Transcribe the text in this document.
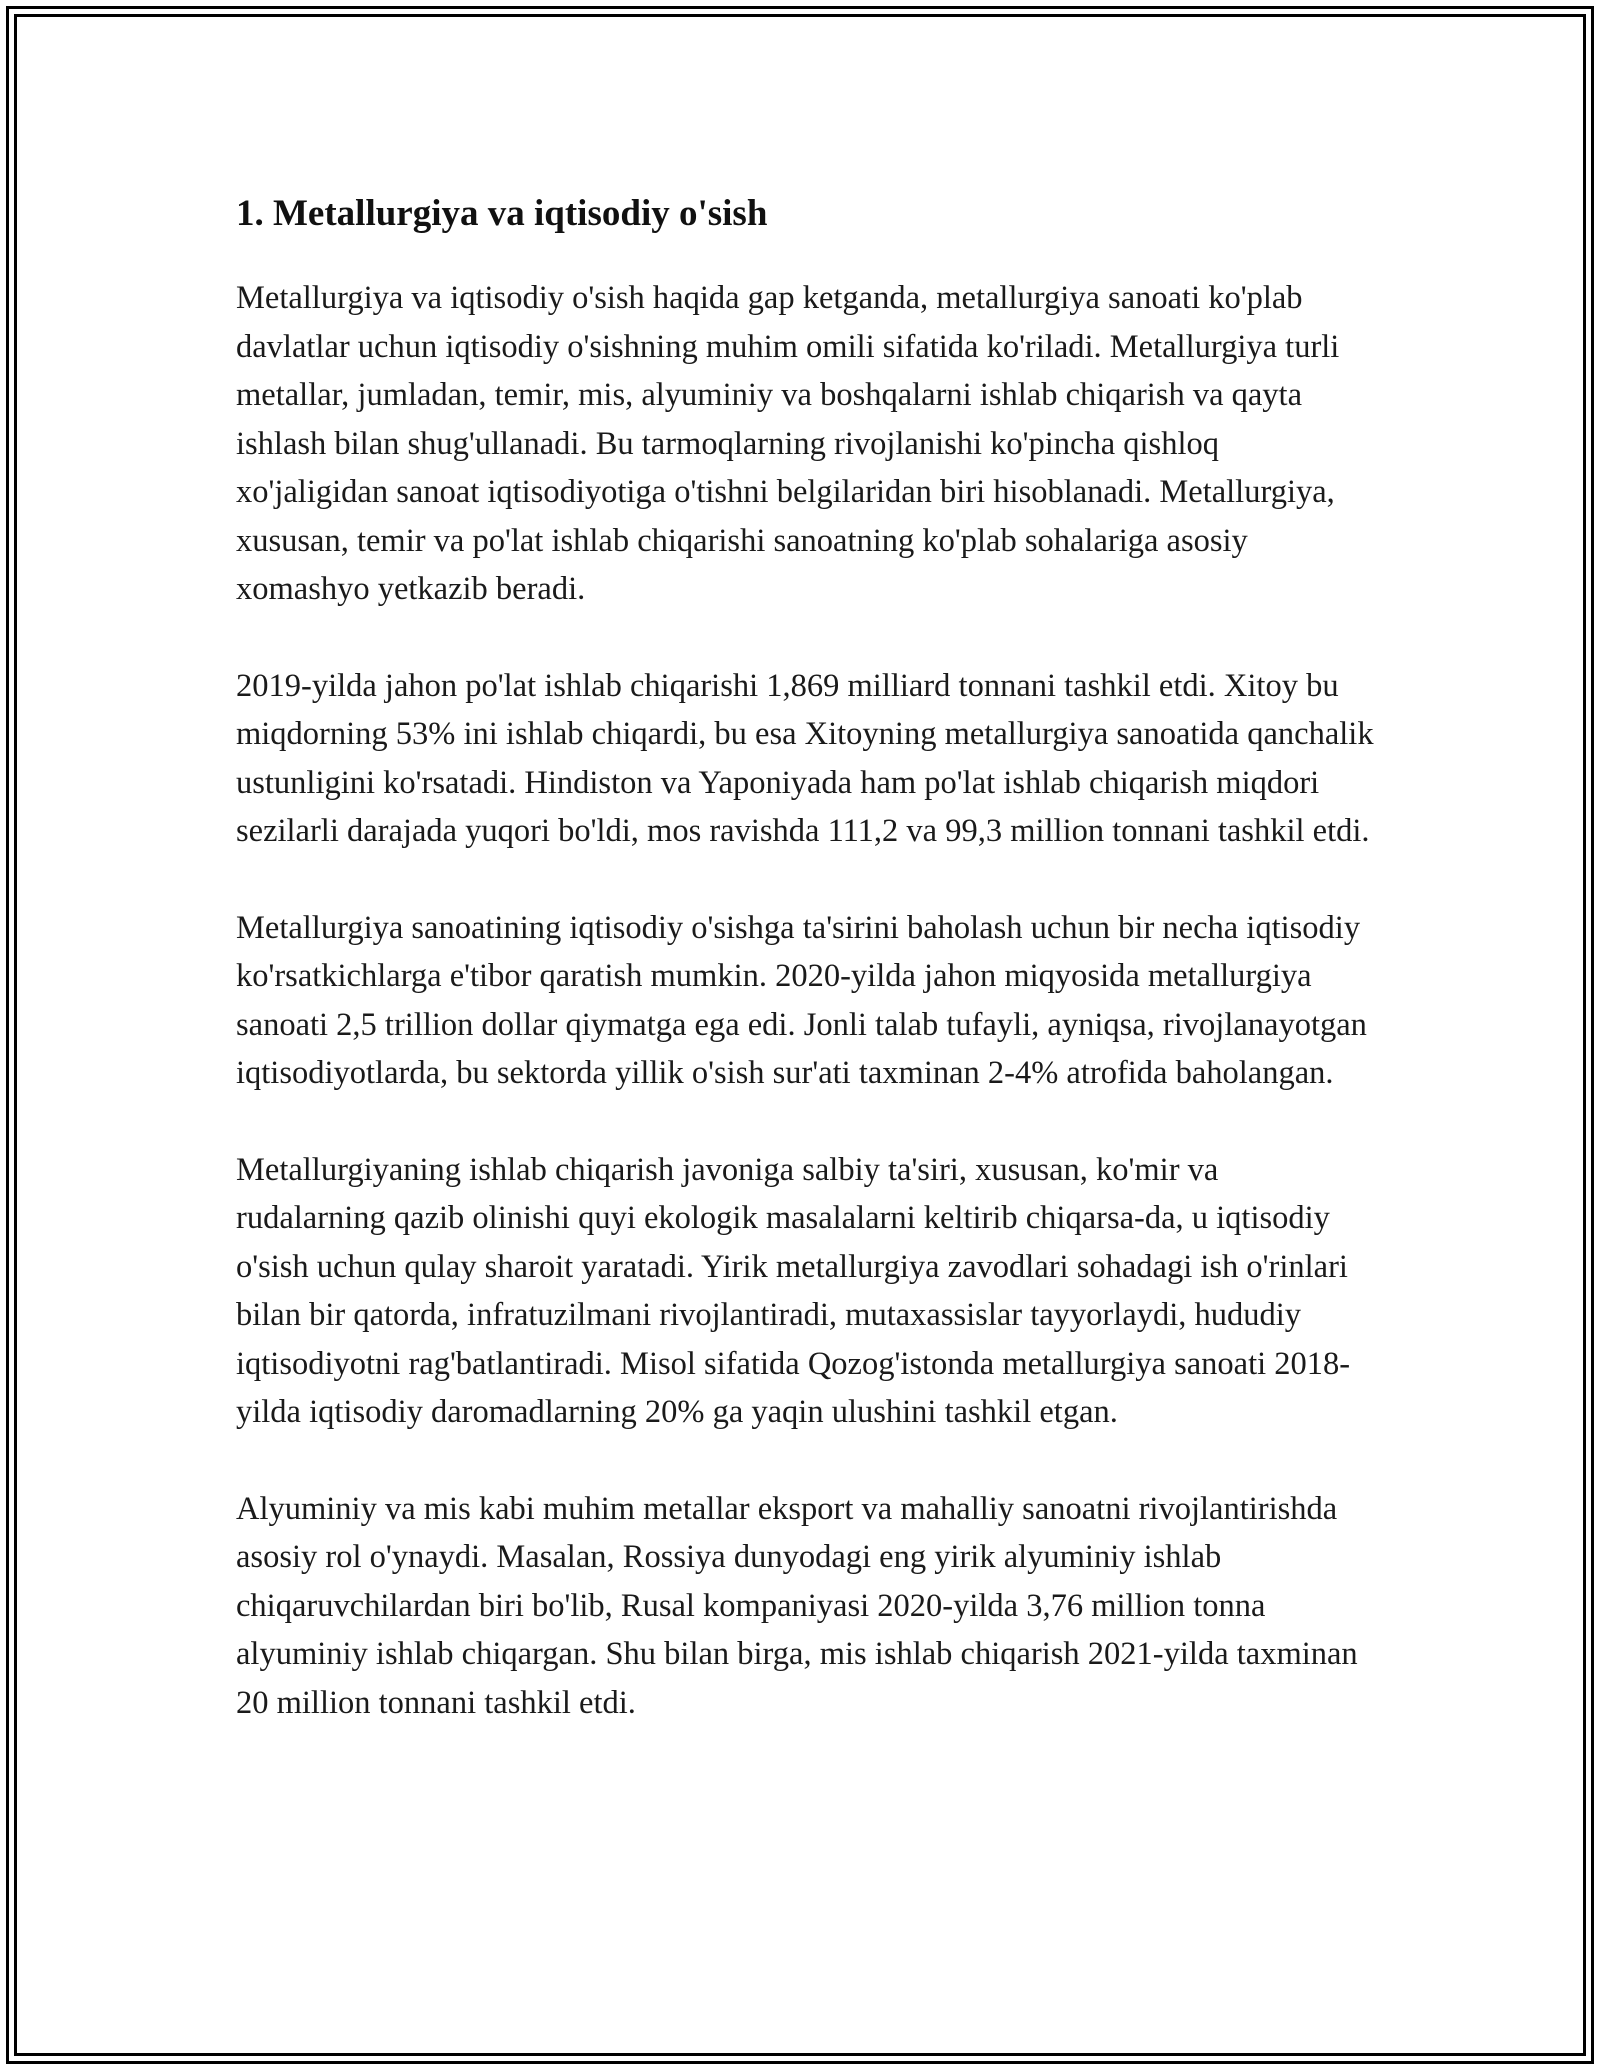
1. Metallurgiya va iqtisodiy o'sish

Metallurgiya va iqtisodiy o'sish haqida gap ketganda, metallurgiya sanoati ko'plab davlatlar uchun iqtisodiy o'sishning muhim omili sifatida ko'riladi. Metallurgiya turli metallar, jumladan, temir, mis, alyuminiy va boshqalarni ishlab chiqarish va qayta ishlash bilan shug'ullanadi. Bu tarmoqlarning rivojlanishi ko'pincha qishloq xo'jaligidan sanoat iqtisodiyotiga o'tishni belgilaridan biri hisoblanadi. Metallurgiya, xususan, temir va po'lat ishlab chiqarishi sanoatning ko'plab sohalariga asosiy xomashyo yetkazib beradi.

2019-yilda jahon po'lat ishlab chiqarishi 1,869 milliard tonnani tashkil etdi. Xitoy bu miqdorning 53% ini ishlab chiqardi, bu esa Xitoyning metallurgiya sanoatida qanchalik ustunligini ko'rsatadi. Hindiston va Yaponiyada ham po'lat ishlab chiqarish miqdori sezilarli darajada yuqori bo'ldi, mos ravishda 111,2 va 99,3 million tonnani tashkil etdi.

Metallurgiya sanoatining iqtisodiy o'sishga ta'sirini baholash uchun bir necha iqtisodiy ko'rsatkichlarga e'tibor qaratish mumkin. 2020-yilda jahon miqyosida metallurgiya sanoati 2,5 trillion dollar qiymatga ega edi. Jonli talab tufayli, ayniqsa, rivojlanayotgan iqtisodiyotlarda, bu sektorda yillik o'sish sur'ati taxminan 2-4% atrofida baholangan.

Metallurgiyaning ishlab chiqarish javoniga salbiy ta'siri, xususan, ko'mir va rudalarning qazib olinishi quyi ekologik masalalarni keltirib chiqarsa-da, u iqtisodiy o'sish uchun qulay sharoit yaratadi. Yirik metallurgiya zavodlari sohadagi ish o'rinlari bilan bir qatorda, infratuzilmani rivojlantiradi, mutaxassislar tayyorlaydi, hududiy iqtisodiyotni rag'batlantiradi. Misol sifatida Qozog'istonda metallurgiya sanoati 2018-yilda iqtisodiy daromadlarning 20% ga yaqin ulushini tashkil etgan.

Alyuminiy va mis kabi muhim metallar eksport va mahalliy sanoatni rivojlantirishda asosiy rol o'ynaydi. Masalan, Rossiya dunyodagi eng yirik alyuminiy ishlab chiqaruvchilardan biri bo'lib, Rusal kompaniyasi 2020-yilda 3,76 million tonna alyuminiy ishlab chiqargan. Shu bilan birga, mis ishlab chiqarish 2021-yilda taxminan 20 million tonnani tashkil etdi.
